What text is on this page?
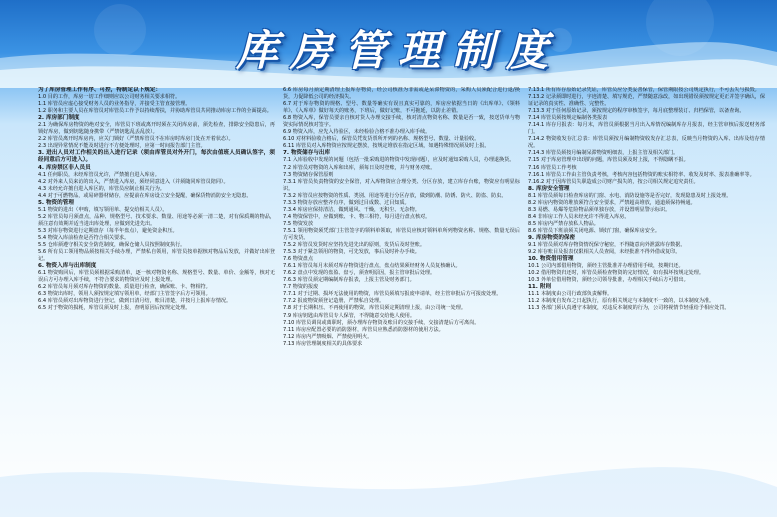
库房管理制度

为了库房管理工作有序、可控，特制定以下规定：

1.0 目的工作，库房一切工作细则应以公司财务相关要求相符。

1.1 库管员应虚心接受财务人员的业务指导，并接受主管直接管理。

1.2 职务和主要人员在库管员对库管员工作予以持续帮扶，并协助库管员共同推动库房工作的全面提高。

2. 库房部门制度

2.1 为确保库房物资的绝对安全，库管员下班或离开时须在关闭库房前，须先检查，排除安全隐患后，再锁好库房，做到钥匙随身携带（严禁钥匙乱丢乱放）。

2.2 库管员离开时库房内，应关门锁好（严禁库管员不在库房时库房门处在开着状态）。

2.3 出现异常情况不能及时进行不方便处理时，应第一时间报告部门主管。

3. 进出人员对工作相关的出入进行记录（须由库管员对外开门，每次由值班人员确认签字，须经同意后方可进入）。

4. 库房禁区非人员员

4.1 任何职员，未经库管员允许，严禁擅自进入库房。

4.2 对外来人员来访的出入，严禁进入库房，须经同意进入（并须随同库管员陪同）。

4.3 未经允许擅自进入库区的，库管员应制止相关行为。

4.4 对于可燃物品，或易碎器材储存，应提前在库房设立安全提醒，确保货物消防安全无隐患。

5. 物资的管理

5.1 物资的进出（申购，填写领用单、提交给相关人员）。

5.2 库管员每月须盘点，品种、规格型号、技术要求、数量、用途等必须一清二楚，对有保质期的物品，须注意有效期并适当进出库处理，应做到先进先出。

5.3 对库存物资进行定期盘存（每半年盘点），避免资金积压。

5.4 物资入库前检查是否符合相关要求。

5.5 仓库须遵守相关安全防范制度，确保仓储人员按照制度执行。

5.6 所有员工领用物品须按相关手续办理，严禁私自领用，库管员按单据核对物品后发放，并做好出库登记。

6. 物资入库与出库制度

6.1 物资购回后，库管员须根据采购清单，逐一核对物资名称、规格型号、数量、单价、金额等，核对无误后方可办理入库手续，不符合要求的物资应及时上报处理。

6.2 库管员每月须对库存物资的数量、质量进行检查，确保账、卡、物相符。

6.3 物资出库时，领用人须按规定填写领用单，经部门主管签字后方可领用。

6.4 库管员须对出库物资进行登记，做到日清月结，账目清楚，并按月上报库存情况。

6.5 对于物资的损耗，库管员须及时上报，查明原因后按规定处理。

6.6 库房每月须定期清理上报库存物资，经公司核准为非需或是呆滞物资的，采购人员须配合进行退/换货，力促降低公司的经济损失。

6.7 对于库存物资的规格、型号、数量等确实有误且真实可靠的，库房应依据当日的《出库单》、《领料单》、《入库单》做好每天的账务，下班后，做好记账，不可拖延，以防止差错。

6.8 物资入库，保管员要亲自核对货人办理交接手续，核对清点物资名称、数量是否一致，按送货单与物资实际情况核对签字。

6.9 物资入库，应先入待验区，未经检验合格不准办理入库手续。

6.10 对材料验收合格后，保管员凭发货票所开列的名称、规格型号、数量、计量验收。

6.11 库管员对入库物资应按规定摆放，按规定堆放在指定区域，如遇特殊情况须及时上报。

7. 物资储存与出库

7.1 入库验收中发现的问题（包括一批采购进的物资中发现问题），应及时通知采购人员，办理退换货。

7.2 库管员对物资的入库和出库，须每日及时登账，并与财务对账。

7.3 物资储存保管原则

7.3.1 库管员负责物资的安全保管，对入库物资应合理分类、分区存放，建立库存台账，物资应有明显标识。

7.3.2 库管员应按物资的性质、类别、用途等进行分区存放，做到防潮、防锈、防火、防盗、防虫。

7.3.3 物资存放应整齐有序，做到过目成数、过目知质。

7.3.4 库房应保持清洁，做到通风、干燥，无积尘、无杂物。

7.4 物资保管中，应做到账、卡、物三相符，每月进行盘点核对。

7.5 物资发放

7.5.1 领用物资须凭部门主管签字的领料单领取，库管员应核对领料单所列物资名称、规格、数量无误后方可发货。

7.5.2 库管员发货时应坚持先进先出的原则，发货后及时登账。

7.5.3 对于紧急领用的物资，可先发放，事后及时补办手续。

7.6 物资盘点

7.6.1 库管员每月末须对库存物资进行盘点，盘点结果须经财务人员复核确认。

7.6.2 盘点中发现的盘盈、盘亏，须查明原因，报主管审批后处理。

7.6.3 库管员须定期编制库存报表，上报主管及财务部门。

7.7 物资的报废

7.7.1 对于过期、损坏无法使用的物资，库管员须填写报废申请单，经主管审批后方可报废处理。

7.7.2 报废物资须登记造册，严禁私自处理。

7.8 对于长期积压、不再使用的物资，库管员须定期清理上报，由公司统一处理。

7.9 库房钥匙由库管员专人保管，不得随意交给他人使用。

7.10 库管员调岗或离职时，须办理库存物资及账目的交接手续，交接清楚后方可离岗。

7.11 库房应配置必要的消防器材，库管员应熟悉消防器材的使用方法。

7.12 库房内严禁吸烟、严禁使用明火。

7.13 库房管理制度相关的具体要求

7.13.1 所有库存原始记录凭证，库管员应分类妥善保管，保管期限按公司规定执行，不可丢失与损毁。

7.13.2 记录须即时进行，字迹清楚、填写规范，严禁随意涂改，如出现错误须按规定更正并签字确认，保证记录的真实性、准确性、完整性。

7.13.3 对于任何原始记录，须按规定的程序审核签字，每月底整理装订、归档保管，以备查询。

7.14 库管员须按规定编制各类报表

7.14.1 库存月报表：每月末，库管员须根据当月出入库情况编制库存月报表，经主管审核后报送财务部门。

7.14.2 物资收发存汇总表：库管员须按月编制物资收发存汇总表，反映当月物资的入库、出库及结存情况。

7.14.3 库管员须按月编制呆滞物资明细表，上报主管及相关部门。

7.15 对于库房管理中出现的问题，库管员须及时上报，不得隐瞒不报。

7.16 库管员工作考核

7.16.1 库管员工作由主管负责考核，考核内容包括物资的账实相符率、收发及时率、报表准确率等。

7.16.2 对于因库管员失职造成公司财产损失的，按公司相关规定追究责任。

8. 库房安全管理

8.1 库管员须每日检查库房的门窗、水电、消防设施等是否完好，发现隐患及时上报处理。

8.2 库房内物资的堆放须符合安全要求，严禁超高堆放，通道须保持畅通。

8.3 易燃、易爆等危险物品须单独存放，并设置明显警示标识。

8.4 非库房工作人员未经允许不得进入库房。

8.5 库房内严禁存放私人物品。

8.6 库管员下班前须关闭电源、锁好门窗，确保库房安全。

9. 库房物资的保密

9.1 库管员须对库存物资情况保守秘密，不得随意向外泄露库存数据。

9.2 库存账目及报表仅限相关人员查阅，未经批准不得外借或复印。

10. 物资借用管理

10.1 公司内部借用物资，须经主管批准并办理借用手续，按期归还。

10.2 借用物资归还时，库管员须检查物资的完好情况，如有损坏按规定处理。

10.3 外单位借用物资，须经公司领导批准，办理相关手续后方可借出。

11. 附则

11.1 本制度由公司行政部负责解释。

11.2 本制度自发布之日起执行，原有相关规定与本制度不一致的，以本制度为准。

11.3 各部门须认真遵守本制度，对违反本制度的行为，公司将视情节轻重给予相应处罚。
